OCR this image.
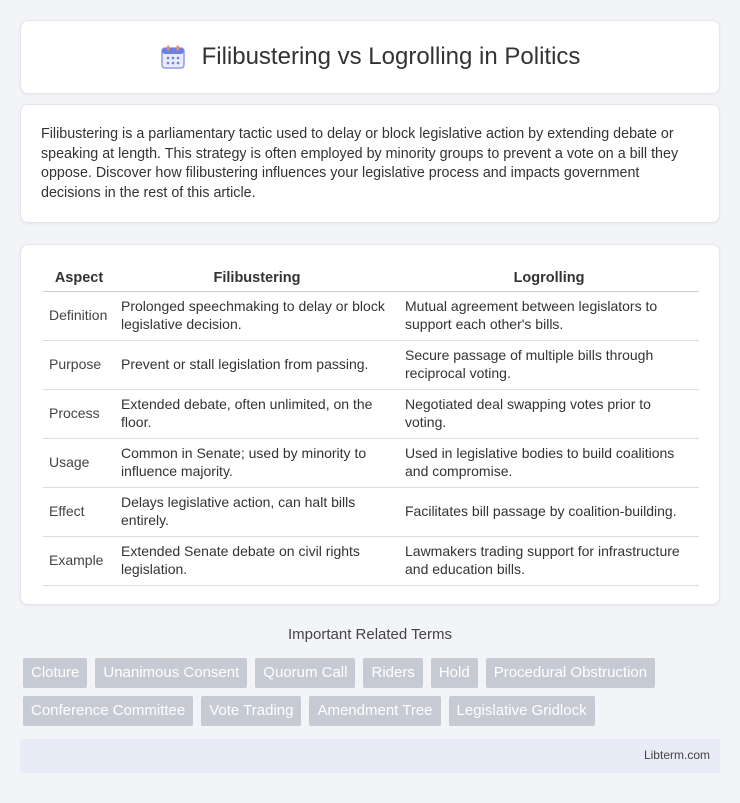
Filibustering vs Logrolling in Politics

Filibustering is a parliamentary tactic used to delay or block legislative action by extending debate or speaking at length. This strategy is often employed by minority groups to prevent a vote on a bill they oppose. Discover how filibustering influences your legislative process and impacts government decisions in the rest of this article.

Aspect	Filibustering	Logrolling
Definition	Prolonged speechmaking to delay or block legislative decision.	Mutual agreement between legislators to support each other's bills.
Purpose	Prevent or stall legislation from passing.	Secure passage of multiple bills through reciprocal voting.
Process	Extended debate, often unlimited, on the floor.	Negotiated deal swapping votes prior to voting.
Usage	Common in Senate; used by minority to influence majority.	Used in legislative bodies to build coalitions and compromise.
Effect	Delays legislative action, can halt bills entirely.	Facilitates bill passage by coalition-building.
Example	Extended Senate debate on civil rights legislation.	Lawmakers trading support for infrastructure and education bills.
Important Related Terms
Cloture	Unanimous Consent	Quorum Call	Riders	Hold	Procedural Obstruction
Conference Committee	Vote Trading	Amendment Tree	Legislative Gridlock
Libterm.com
